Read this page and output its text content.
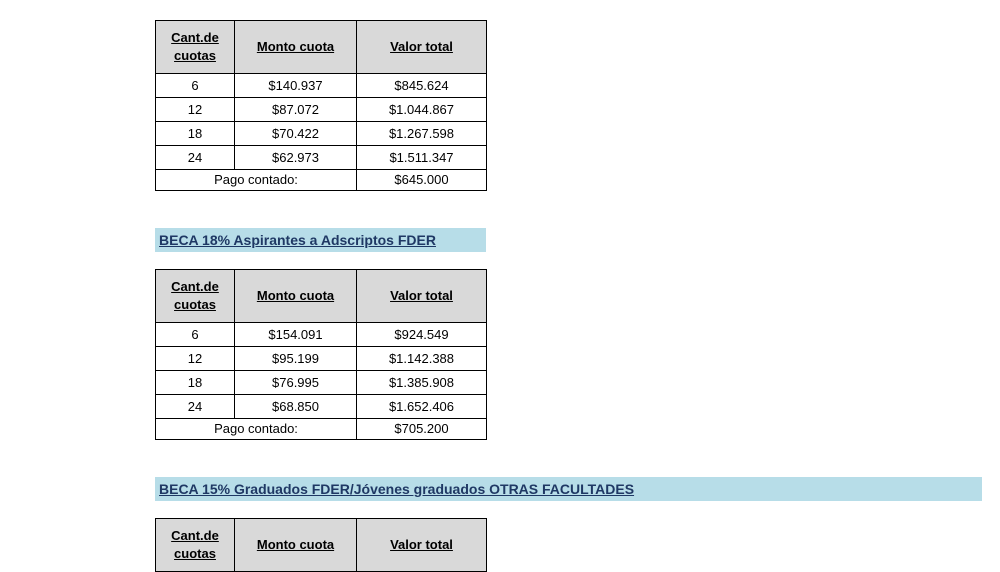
Cant.de cuotas	Monto cuota	Valor total
6	$140.937	$845.624
12	$87.072	$1.044.867
18	$70.422	$1.267.598
24	$62.973	$1.511.347
Pago contado:		$645.000
BECA 18% Aspirantes a Adscriptos FDER
Cant.de cuotas	Monto cuota	Valor total
6	$154.091	$924.549
12	$95.199	$1.142.388
18	$76.995	$1.385.908
24	$68.850	$1.652.406
Pago contado:		$705.200
BECA 15% Graduados FDER/Jóvenes graduados OTRAS FACULTADES
Cant.de cuotas	Monto cuota	Valor total
